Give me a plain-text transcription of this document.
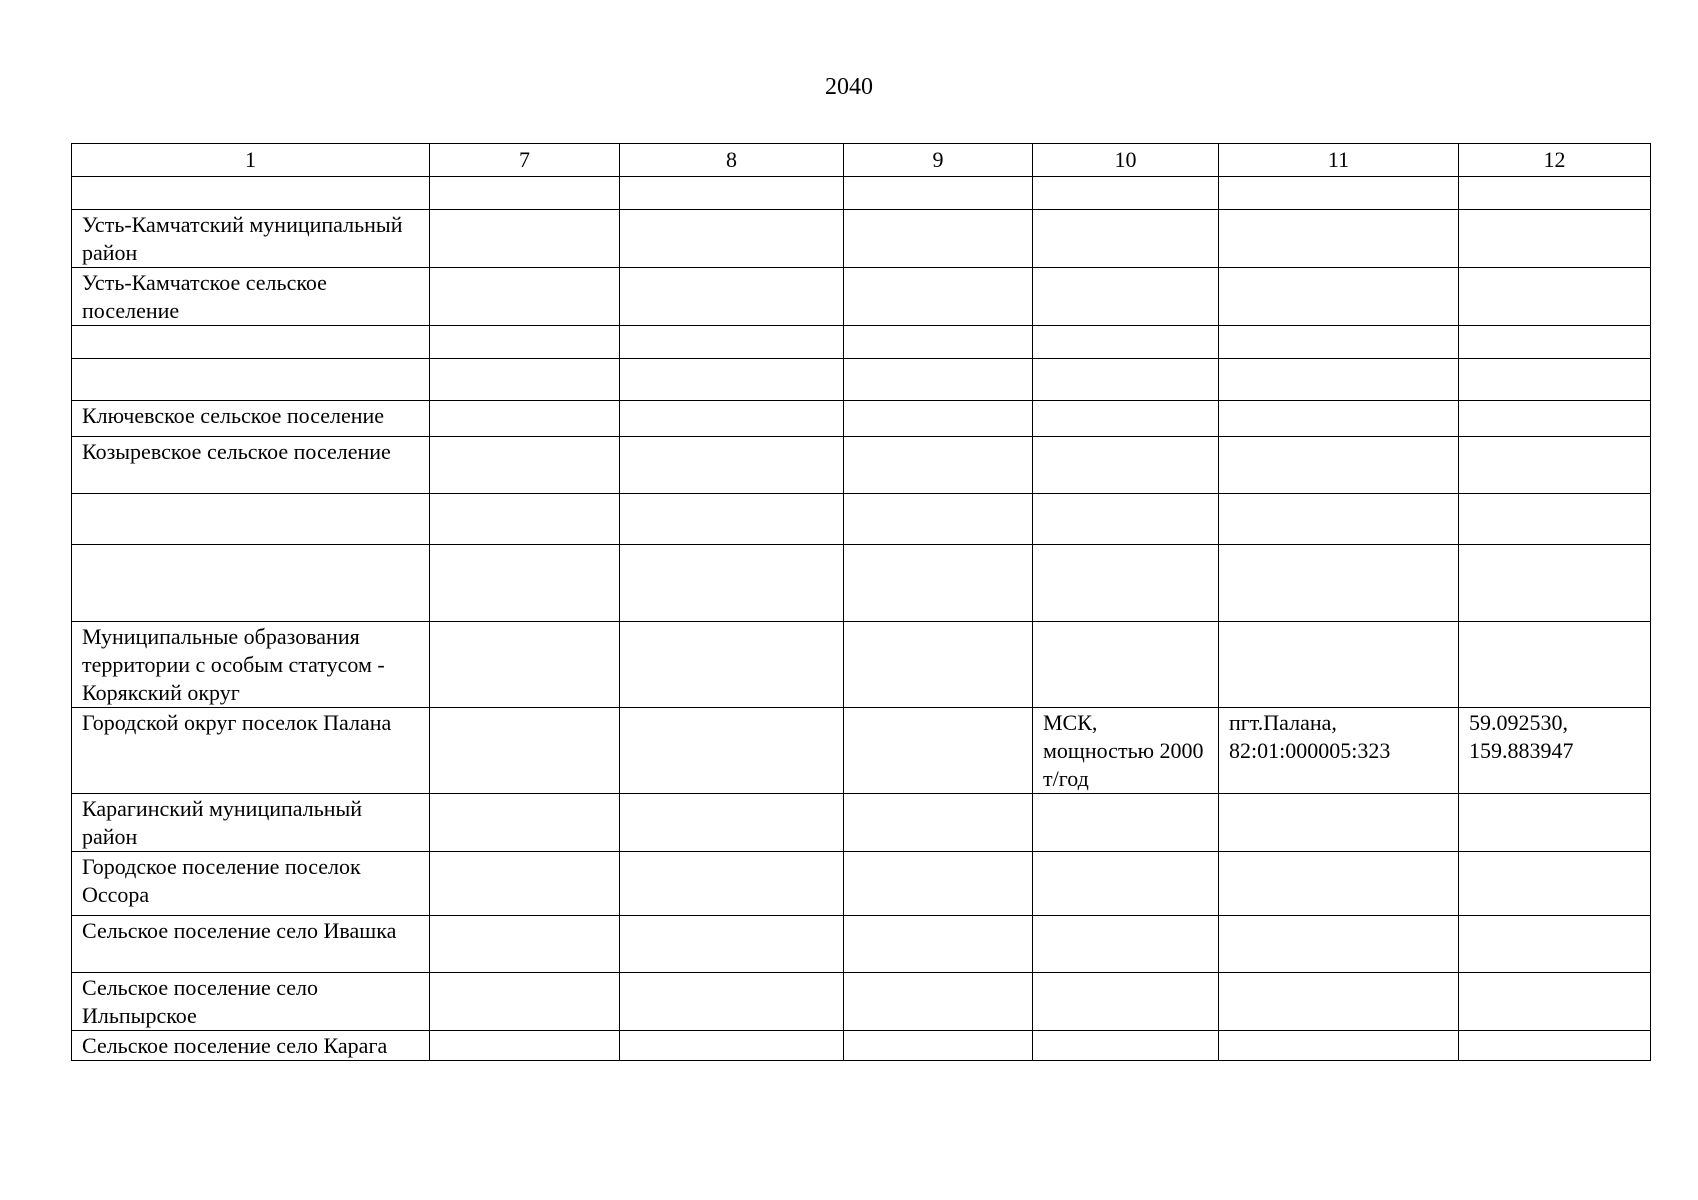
2040
1	7	8	9	10	11	12

Усть-Камчатский муниципальный район						
Усть-Камчатское сельское поселение						

Ключевское сельское поселение						
Козыревское сельское поселение						

Муниципальные образования территории с особым статусом - Корякский округ						
Городской округ поселок Палана				МСК, мощностью 2000 т/год	пгт.Палана, 82:01:000005:323	59.092530, 159.883947
Карагинский муниципальный район						
Городское поселение поселок Оссора						
Сельское поселение село Ивашка						
Сельское поселение село Ильпырское						
Сельское поселение село Карага						
